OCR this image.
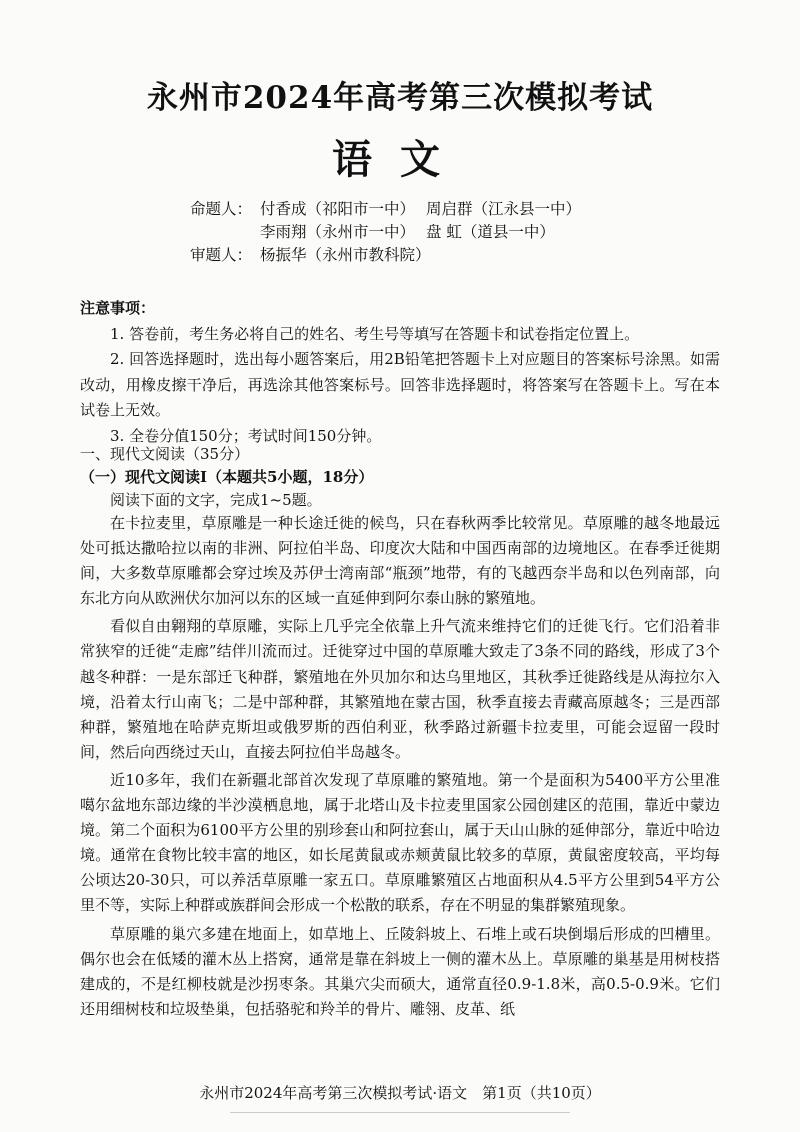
永州市2024年高考第三次模拟考试
语文
命题人： 付香成（祁阳市一中） 周启群（江永县一中）
李雨翔（永州市一中） 盘 虹（道县一中）
审题人： 杨振华（永州市教科院）
注意事项：
1. 答卷前，考生务必将自己的姓名、考生号等填写在答题卡和试卷指定位置上。
2. 回答选择题时，选出每小题答案后，用2B铅笔把答题卡上对应题目的答案标号涂黑。如需改动，用橡皮擦干净后，再选涂其他答案标号。回答非选择题时，将答案写在答题卡上。写在本试卷上无效。
3. 全卷分值150分；考试时间150分钟。
一、现代文阅读（35分）
（一）现代文阅读Ⅰ（本题共5小题，18分）
阅读下面的文字，完成1~5题。

在卡拉麦里，草原雕是一种长途迁徙的候鸟，只在春秋两季比较常见。草原雕的越冬地最远处可抵达撒哈拉以南的非洲、阿拉伯半岛、印度次大陆和中国西南部的边境地区。在春季迁徙期间，大多数草原雕都会穿过埃及苏伊士湾南部“瓶颈”地带，有的飞越西奈半岛和以色列南部，向东北方向从欧洲伏尔加河以东的区域一直延伸到阿尔泰山脉的繁殖地。

看似自由翱翔的草原雕，实际上几乎完全依靠上升气流来维持它们的迁徙飞行。它们沿着非常狭窄的迁徙“走廊”结伴川流而过。迁徙穿过中国的草原雕大致走了3条不同的路线，形成了3个越冬种群：一是东部迁飞种群，繁殖地在外贝加尔和达乌里地区，其秋季迁徙路线是从海拉尔入境，沿着太行山南飞；二是中部种群，其繁殖地在蒙古国，秋季直接去青藏高原越冬；三是西部种群，繁殖地在哈萨克斯坦或俄罗斯的西伯利亚，秋季路过新疆卡拉麦里，可能会逗留一段时间，然后向西绕过天山，直接去阿拉伯半岛越冬。

近10多年，我们在新疆北部首次发现了草原雕的繁殖地。第一个是面积为5400平方公里准噶尔盆地东部边缘的半沙漠栖息地，属于北塔山及卡拉麦里国家公园创建区的范围，靠近中蒙边境。第二个面积为6100平方公里的别珍套山和阿拉套山，属于天山山脉的延伸部分，靠近中哈边境。通常在食物比较丰富的地区，如长尾黄鼠或赤颊黄鼠比较多的草原，黄鼠密度较高，平均每公顷达20-30只，可以养活草原雕一家五口。草原雕繁殖区占地面积从4.5平方公里到54平方公里不等，实际上种群或族群间会形成一个松散的联系，存在不明显的集群繁殖现象。

草原雕的巢穴多建在地面上，如草地上、丘陵斜坡上、石堆上或石块倒塌后形成的凹槽里。偶尔也会在低矮的灌木丛上搭窝，通常是靠在斜坡上一侧的灌木丛上。草原雕的巢基是用树枝搭建成的，不是红柳枝就是沙拐枣条。其巢穴尖而硕大，通常直径0.9-1.8米，高0.5-0.9米。它们还用细树枝和垃圾垫巢，包括骆驼和羚羊的骨片、雕翎、皮革、纸

永州市2024年高考第三次模拟考试·语文　第1页（共10页）
